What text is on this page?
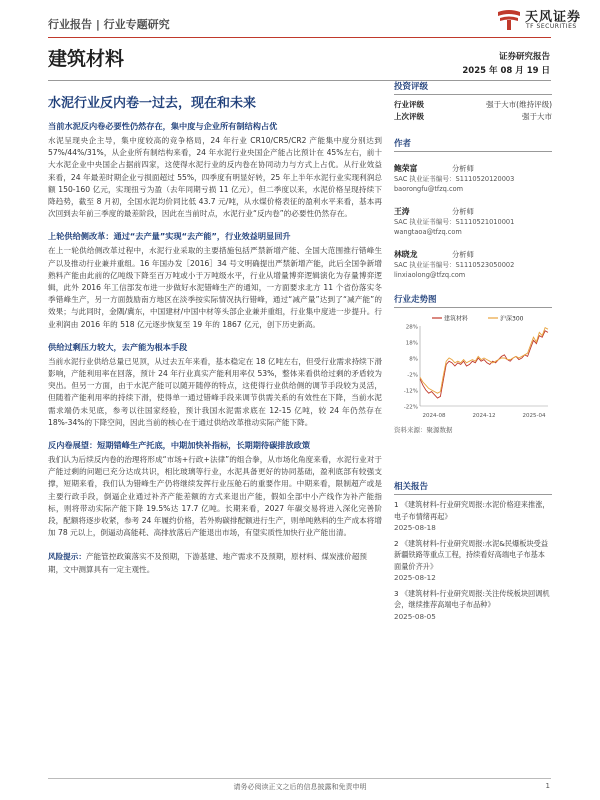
行业报告 | 行业专题研究	天风证券
TF SECURITIES
建筑材料	证券研究报告
2025 年 08 月 19 日
水泥行业反内卷一过去，现在和未来
当前水泥反内卷必要性仍然存在，集中度与企业所有制结构占优
水泥呈现央企主导，集中度较高的竞争格局，24 年行业 CR10/CR5/CR2 产能集中度分别达到 57%/44%/31%，从企业所有制结构来看，24 年水泥行业央国企产能占比预计在 45%左右，前十大水泥企业中央国企占据前四家，这使得水泥行业的反内卷在协同动力与方式上占优。从行业效益来看，24 年最差时期企业亏损面超过 55%，四季度有明显好转，25 年上半年水泥行业实现利润总额 150-160 亿元，实现扭亏为盈（去年同期亏损 11 亿元），但二季度以来，水泥价格呈现持续下降趋势，截至 8 月初，全国水泥均价同比低 43.7 元/吨，从水煤价格表征的盈利水平来看，基本再次回到去年前三季度的最差阶段，因此在当前时点，水泥行业“反内卷”的必要性仍然存在。
上轮供给侧改革：通过“去产量”实现“去产能”，行业效益明显回升
在上一轮供给侧改革过程中，水泥行业采取的主要措施包括严禁新增产能、全国大范围推行错峰生产以及推动行业兼并重组。16 年国办发［2016］34 号文明确提出严禁新增产能，此后全国争新增熟料产能由此前的亿吨级下降至百万吨或小于万吨级水平，行业从增量博弈逻辑演化为存量博弈逻辑，此外 2016 年工信部发布进一步做好水泥错峰生产的通知，一方面要求北方 11 个省份落实冬季错峰生产，另一方面鼓励南方地区在淡季按实际情况执行错峰，通过“减产量”达到了“减产能”的效果；与此同时，金隅/冀东，中国建材/中国中材等头部企业兼并重组，行业集中度进一步提升。行业利润由 2016 年的 518 亿元逐步恢复至 19 年的 1867 亿元，创下历史新高。
供给过剩压力较大，去产能为根本手段
当前水泥行业供给总量已见顶，从过去五年来看，基本稳定在 18 亿吨左右，但受行业需求持续下滑影响，产能利用率在回落，预计 24 年行业真实产能利用率仅 53%，整体来看供给过剩的矛盾较为突出。但另一方面，由于水泥产能可以随开随停的特点，这使得行业供给侧的调节手段较为灵活，但随着产能利用率的持续下滑，使得单一通过错峰手段来调节供需关系的有效性在下降，当前水泥需求端仍未见底，参考以往国家经验，预计我国水泥需求底在 12-15 亿吨，较 24 年仍然存在 18%-34%的下降空间，因此当前的核心在于通过供给改革推动实际产能下降。
反内卷展望：短期错峰生产托底，中期加快补指标，长期期待碳排放政策
我们认为后续反内卷的治理将形成“市场+行政+法律”的组合拳，从市场化角度来看，水泥行业对于产能过剩的问题已充分达成共识，相比玻璃等行业，水泥具备更好的协同基础，盈利底部有较强支撑，短期来看，我们认为错峰生产仍将继续发挥行业压舱石的重要作用。中期来看，限制超产或是主要行政手段，倒逼企业通过补齐产能差额的方式来退出产能，假如全部中小产线作为补产能指标，则将带动实际产能下降 19.5%达 17.7 亿吨。长期来看，2027 年碳交易将进入深化完善阶段，配额将逐步收紧，参考 24 年履约价格，若外购碳排配额进行生产，则单吨熟料的生产成本将增加 78 元以上，倒逼动高能耗、高排放落后产能退出市场，有望实质性加快行业产能出清。
风险提示：产能管控政策落实不及预期，下游基建、地产需求不及预期，原材料、煤炭涨价超预期，文中测算具有一定主观性。
投资评级
行业评级	强于大市(维持评级)
上次评级	强于大市
作者
鲍荣富	分析师
SAC 执业证书编号：S1110520120003
baorongfu@tfzq.com
王涛	分析师
SAC 执业证书编号：S1110521010001
wangtaoa@tfzq.com
林晓龙	分析师
SAC 执业证书编号：S1110523050002
linxiaolong@tfzq.com
行业走势图
28%
18%
8%
-2%
-12%
-22%
2024-08	2024-12	2025-04
建筑材料	沪深300
资料来源：聚源数据
相关报告
1 《建筑材料-行业研究周报:水泥价格迎来推涨，电子布情绪再起》
2025-08-18
2 《建筑材料-行业研究周报:水泥&民爆板块受益新疆铁路等重点工程，持续看好高端电子布基本面量价齐升》
2025-08-12
3 《建筑材料-行业研究周报:关注传统板块回调机会，继续推荐高端电子布品种》
2025-08-05
请务必阅读正文之后的信息披露和免责申明	1
